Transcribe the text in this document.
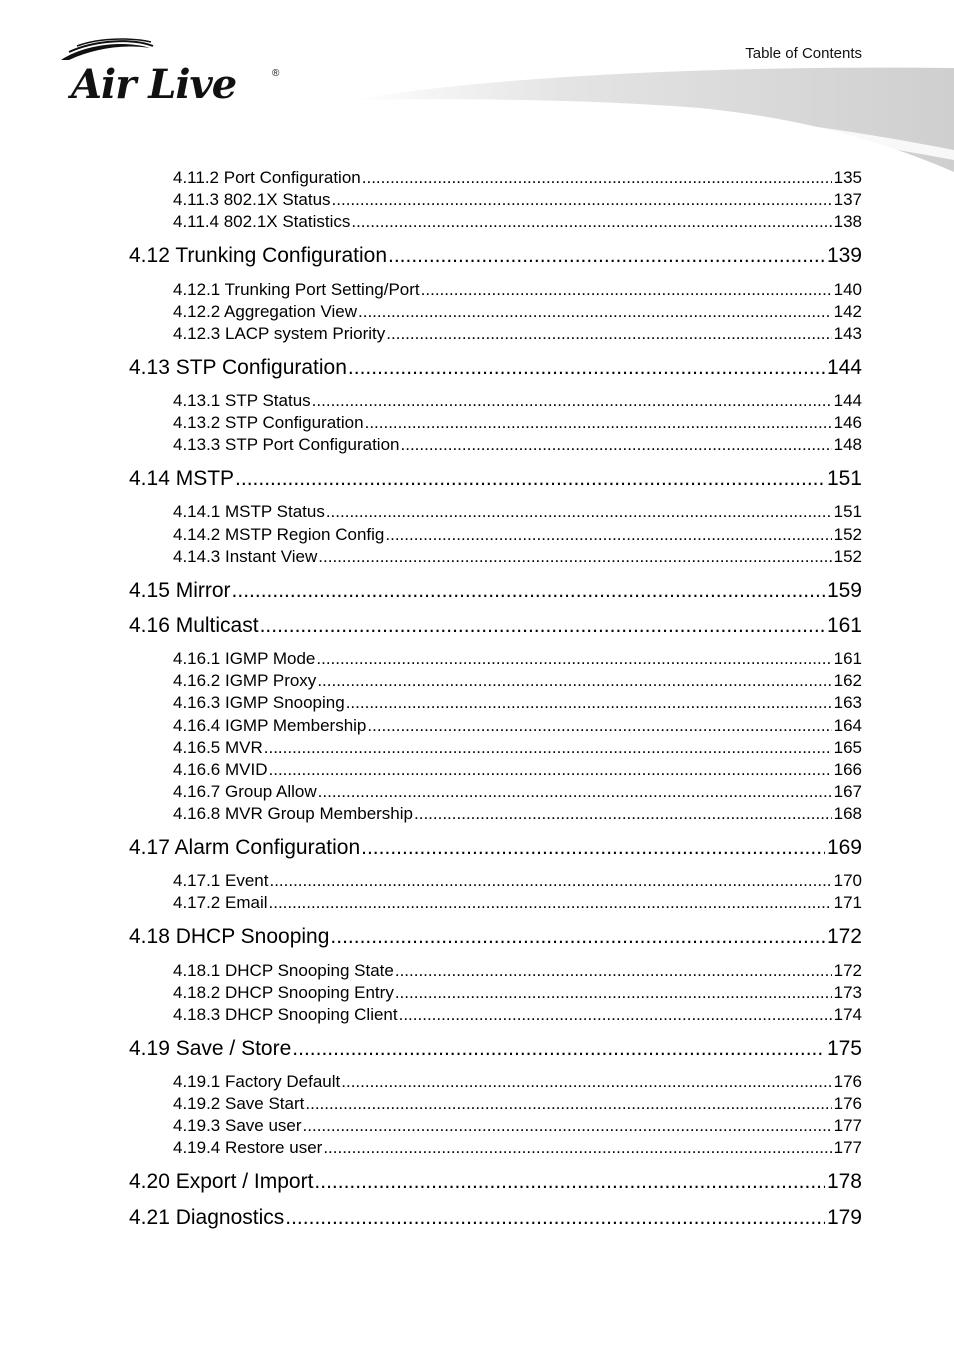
Air Live	®
Table of Contents
4.11.2 Port Configuration .....	135
4.11.3 802.1X Status .....	137
4.11.4 802.1X Statistics .....	138
4.12 Trunking Configuration .....	139
4.12.1 Trunking Port Setting/Port .....	140
4.12.2 Aggregation View .....	142
4.12.3 LACP system Priority .....	143
4.13 STP Configuration .....	144
4.13.1 STP Status .....	144
4.13.2 STP Configuration .....	146
4.13.3 STP Port Configuration .....	148
4.14 MSTP .....	151
4.14.1 MSTP Status .....	151
4.14.2 MSTP Region Config .....	152
4.14.3 Instant View .....	152
4.15 Mirror .....	159
4.16 Multicast .....	161
4.16.1 IGMP Mode .....	161
4.16.2 IGMP Proxy .....	162
4.16.3 IGMP Snooping .....	163
4.16.4 IGMP Membership .....	164
4.16.5 MVR .....	165
4.16.6 MVID .....	166
4.16.7 Group Allow .....	167
4.16.8 MVR Group Membership .....	168
4.17 Alarm Configuration .....	169
4.17.1 Event .....	170
4.17.2 Email .....	171
4.18 DHCP Snooping .....	172
4.18.1 DHCP Snooping State .....	172
4.18.2 DHCP Snooping Entry .....	173
4.18.3 DHCP Snooping Client .....	174
4.19 Save / Store .....	175
4.19.1 Factory Default .....	176
4.19.2 Save Start .....	176
4.19.3 Save user .....	177
4.19.4 Restore user .....	177
4.20 Export / Import .....	178
4.21 Diagnostics .....	179
